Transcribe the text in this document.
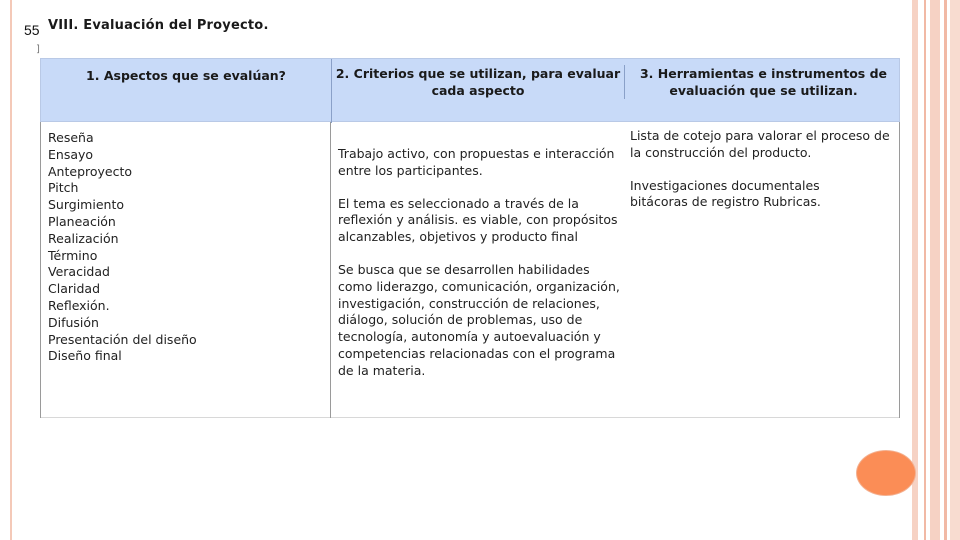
55
]
VIII. Evaluación del Proyecto.
1. Aspectos que se evalúan?	2. Criterios que se utilizan, para evaluar cada aspecto
3. Herramientas e instrumentos de evaluación que se utilizan.

Reseña

Ensayo

Anteproyecto

Pitch

Surgimiento

Planeación

Realización

Término

Veracidad

Claridad

Reflexión.

Difusión

Presentación del diseño

Diseño final

Trabajo activo, con propuestas e interacción entre los participantes.

El tema es seleccionado a través de la reflexión y análisis. es viable, con propósitos alcanzables, objetivos y producto final

Se busca que se desarrollen habilidades como liderazgo, comunicación, organización, investigación, construcción de relaciones, diálogo, solución de problemas, uso de tecnología, autonomía y autoevaluación y competencias relacionadas con el programa de la materia.

Lista de cotejo para valorar el proceso de la construcción del producto.

Investigaciones documentales bitácoras de registro Rubricas.
